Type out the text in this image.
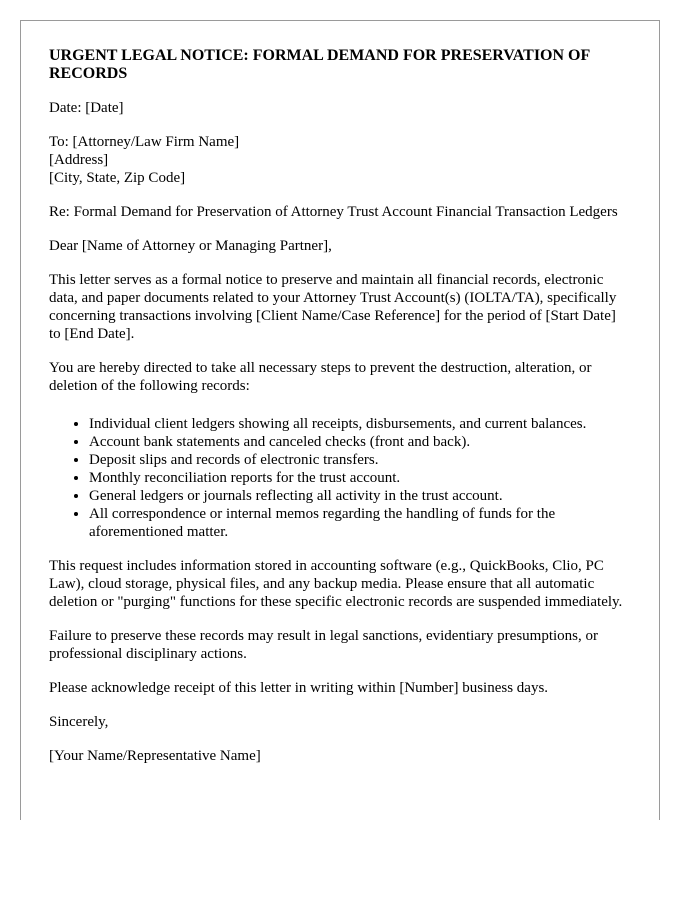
URGENT LEGAL NOTICE: FORMAL DEMAND FOR PRESERVATION OF RECORDS

Date: [Date]

To: [Attorney/Law Firm Name]
[Address]
[City, State, Zip Code]

Re: Formal Demand for Preservation of Attorney Trust Account Financial Transaction Ledgers

Dear [Name of Attorney or Managing Partner],

This letter serves as a formal notice to preserve and maintain all financial records, electronic data, and paper documents related to your Attorney Trust Account(s) (IOLTA/TA), specifically concerning transactions involving [Client Name/Case Reference] for the period of [Start Date] to [End Date].

You are hereby directed to take all necessary steps to prevent the destruction, alteration, or deletion of the following records:

• Individual client ledgers showing all receipts, disbursements, and current balances.
• Account bank statements and canceled checks (front and back).
• Deposit slips and records of electronic transfers.
• Monthly reconciliation reports for the trust account.
• General ledgers or journals reflecting all activity in the trust account.
• All correspondence or internal memos regarding the handling of funds for the aforementioned matter.

This request includes information stored in accounting software (e.g., QuickBooks, Clio, PC Law), cloud storage, physical files, and any backup media. Please ensure that all automatic deletion or "purging" functions for these specific electronic records are suspended immediately.

Failure to preserve these records may result in legal sanctions, evidentiary presumptions, or professional disciplinary actions.

Please acknowledge receipt of this letter in writing within [Number] business days.

Sincerely,

[Your Name/Representative Name]
